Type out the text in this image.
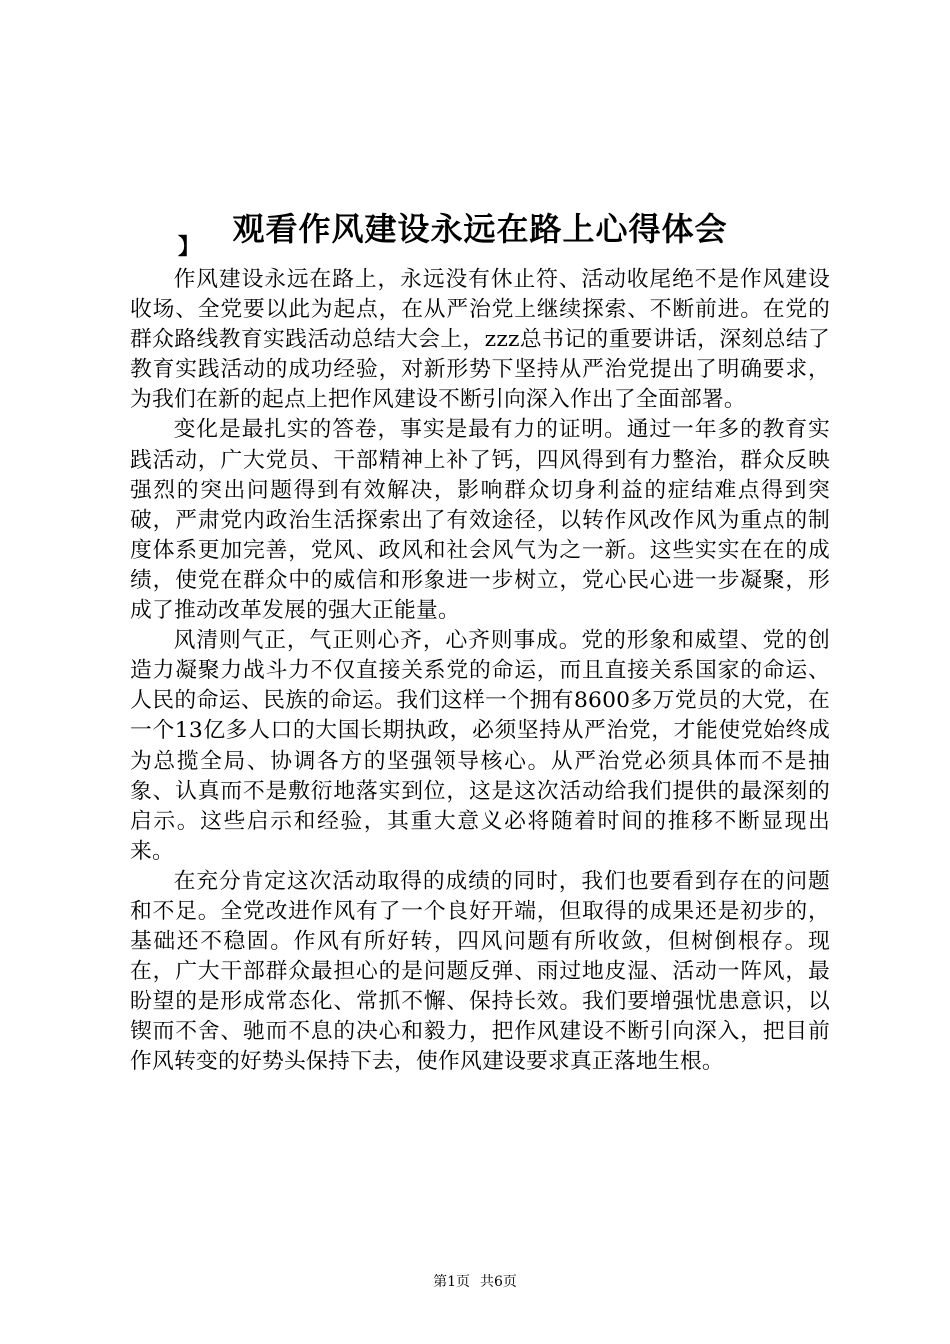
观看作风建设永远在路上心得体会
】

作风建设永远在路上，永远没有休止符、活动收尾绝不是作风建设收场、全党要以此为起点，在从严治党上继续探索、不断前进。在党的群众路线教育实践活动总结大会上，zzz总书记的重要讲话，深刻总结了教育实践活动的成功经验，对新形势下坚持从严治党提出了明确要求，为我们在新的起点上把作风建设不断引向深入作出了全面部署。

变化是最扎实的答卷，事实是最有力的证明。通过一年多的教育实践活动，广大党员、干部精神上补了钙，四风得到有力整治，群众反映强烈的突出问题得到有效解决，影响群众切身利益的症结难点得到突破，严肃党内政治生活探索出了有效途径，以转作风改作风为重点的制度体系更加完善，党风、政风和社会风气为之一新。这些实实在在的成绩，使党在群众中的威信和形象进一步树立，党心民心进一步凝聚，形成了推动改革发展的强大正能量。

风清则气正，气正则心齐，心齐则事成。党的形象和威望、党的创造力凝聚力战斗力不仅直接关系党的命运，而且直接关系国家的命运、人民的命运、民族的命运。我们这样一个拥有8600多万党员的大党，在一个13亿多人口的大国长期执政，必须坚持从严治党，才能使党始终成为总揽全局、协调各方的坚强领导核心。从严治党必须具体而不是抽象、认真而不是敷衍地落实到位，这是这次活动给我们提供的最深刻的启示。这些启示和经验，其重大意义必将随着时间的推移不断显现出来。

在充分肯定这次活动取得的成绩的同时，我们也要看到存在的问题和不足。全党改进作风有了一个良好开端，但取得的成果还是初步的，基础还不稳固。作风有所好转，四风问题有所收敛，但树倒根存。现在，广大干部群众最担心的是问题反弹、雨过地皮湿、活动一阵风，最盼望的是形成常态化、常抓不懈、保持长效。我们要增强忧患意识，以锲而不舍、驰而不息的决心和毅力，把作风建设不断引向深入，把目前作风转变的好势头保持下去，使作风建设要求真正落地生根。

第1页 共6页
